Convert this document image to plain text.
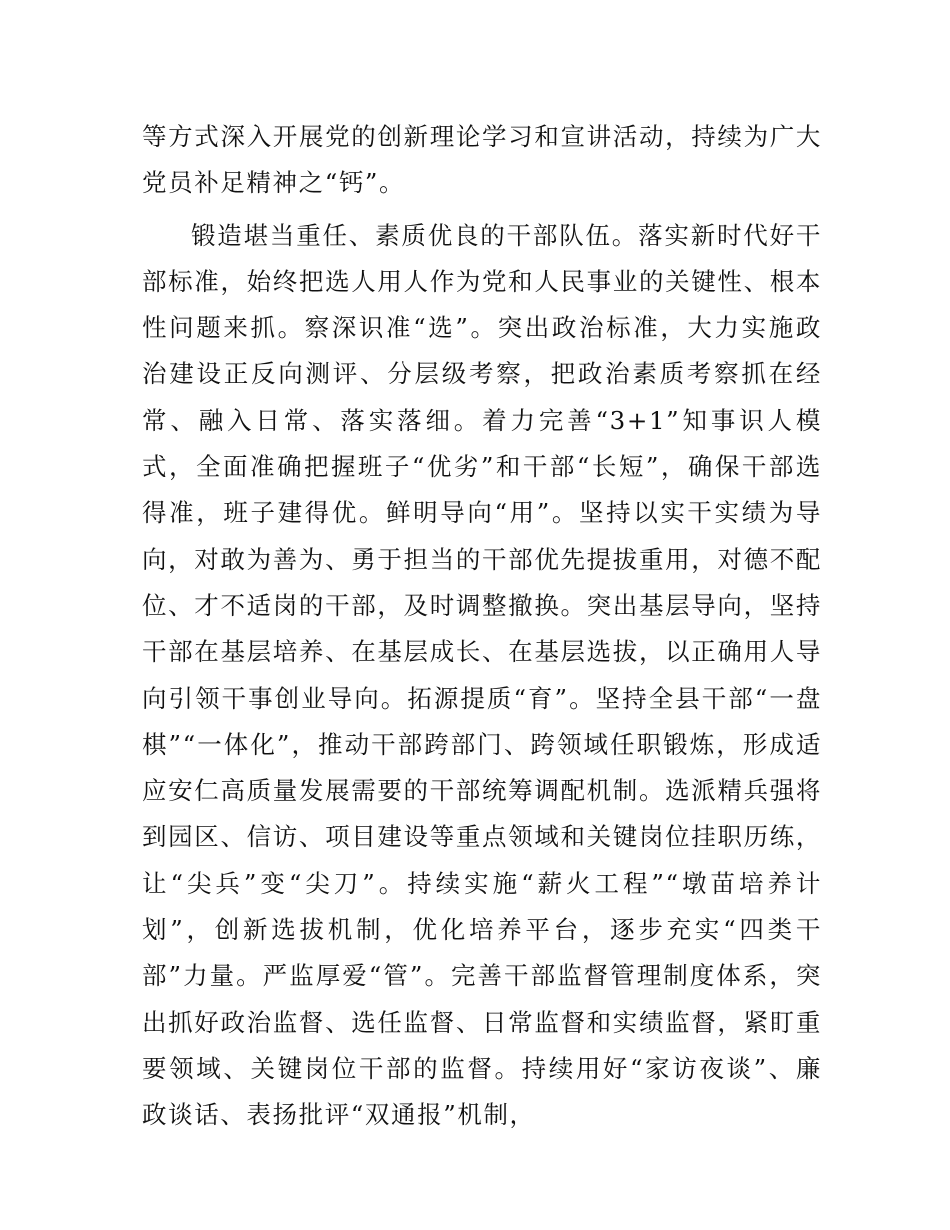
等方式深入开展党的创新理论学习和宣讲活动，持续为广大党员补足精神之“钙”。

锻造堪当重任、素质优良的干部队伍。落实新时代好干部标准，始终把选人用人作为党和人民事业的关键性、根本性问题来抓。察深识准“选”。突出政治标准，大力实施政治建设正反向测评、分层级考察，把政治素质考察抓在经常、融入日常、落实落细。着力完善“3+1”知事识人模式，全面准确把握班子“优劣”和干部“长短”，确保干部选得准，班子建得优。鲜明导向“用”。坚持以实干实绩为导向，对敢为善为、勇于担当的干部优先提拔重用，对德不配位、才不适岗的干部，及时调整撤换。突出基层导向，坚持干部在基层培养、在基层成长、在基层选拔，以正确用人导向引领干事创业导向。拓源提质“育”。坚持全县干部“一盘棋”“一体化”，推动干部跨部门、跨领域任职锻炼，形成适应安仁高质量发展需要的干部统筹调配机制。选派精兵强将到园区、信访、项目建设等重点领域和关键岗位挂职历练，让“尖兵”变“尖刀”。持续实施“薪火工程”“墩苗培养计划”，创新选拔机制，优化培养平台，逐步充实“四类干部”力量。严监厚爱“管”。完善干部监督管理制度体系，突出抓好政治监督、选任监督、日常监督和实绩监督，紧盯重要领域、关键岗位干部的监督。持续用好“家访夜谈”、廉政谈话、表扬批评“双通报”机制，
